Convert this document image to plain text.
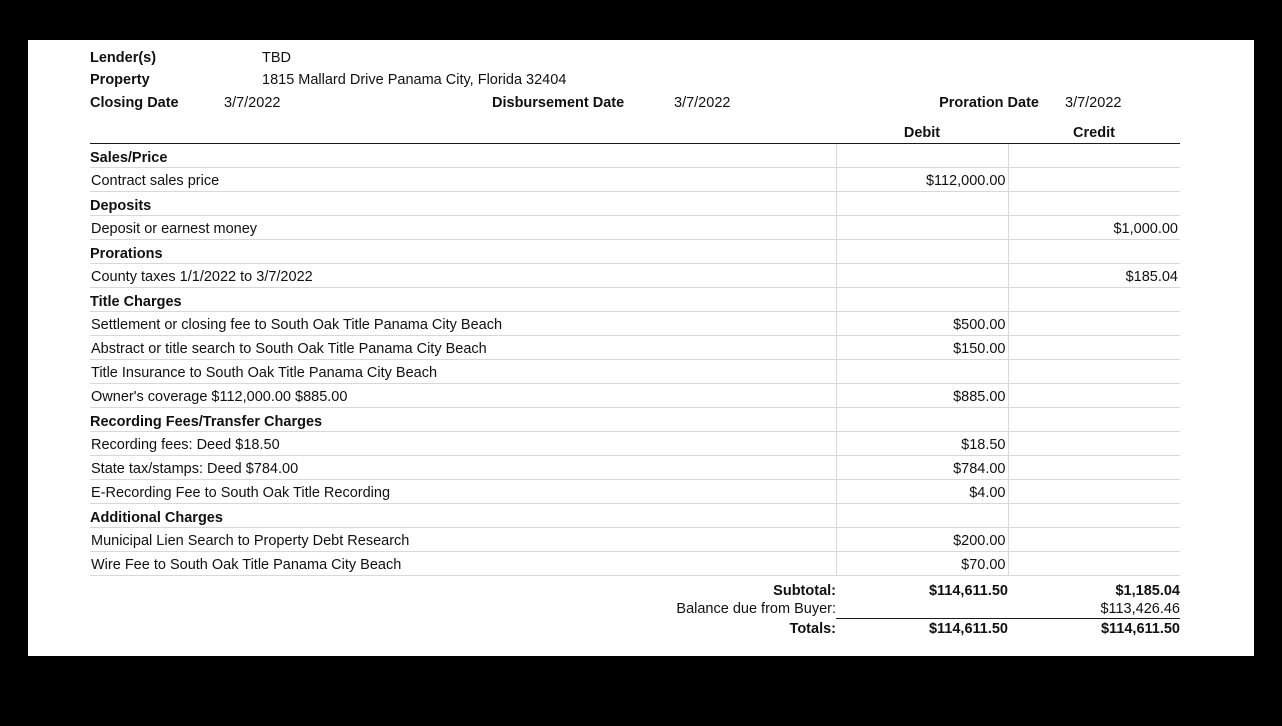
Lender(s)	TBD
Property	1815 Mallard Drive Panama City, Florida 32404
Closing Date	3/7/2022	Disbursement Date	3/7/2022	Proration Date	3/7/2022
	Debit	Credit
Sales/Price		
Contract sales price	$112,000.00	
Deposits		
Deposit or earnest money		$1,000.00
Prorations		
County taxes 1/1/2022 to 3/7/2022		$185.04
Title Charges		
Settlement or closing fee to South Oak Title Panama City Beach	$500.00	
Abstract or title search to South Oak Title Panama City Beach	$150.00	
Title Insurance to South Oak Title Panama City Beach		
Owner's coverage $112,000.00 $885.00	$885.00	
Recording Fees/Transfer Charges		
Recording fees: Deed $18.50	$18.50	
State tax/stamps: Deed $784.00	$784.00	
E-Recording Fee to South Oak Title Recording	$4.00	
Additional Charges		
Municipal Lien Search to Property Debt Research	$200.00	
Wire Fee to South Oak Title Panama City Beach	$70.00	
Subtotal:	$114,611.50	$1,185.04
Balance due from Buyer:		$113,426.46
Totals:	$114,611.50	$114,611.50
